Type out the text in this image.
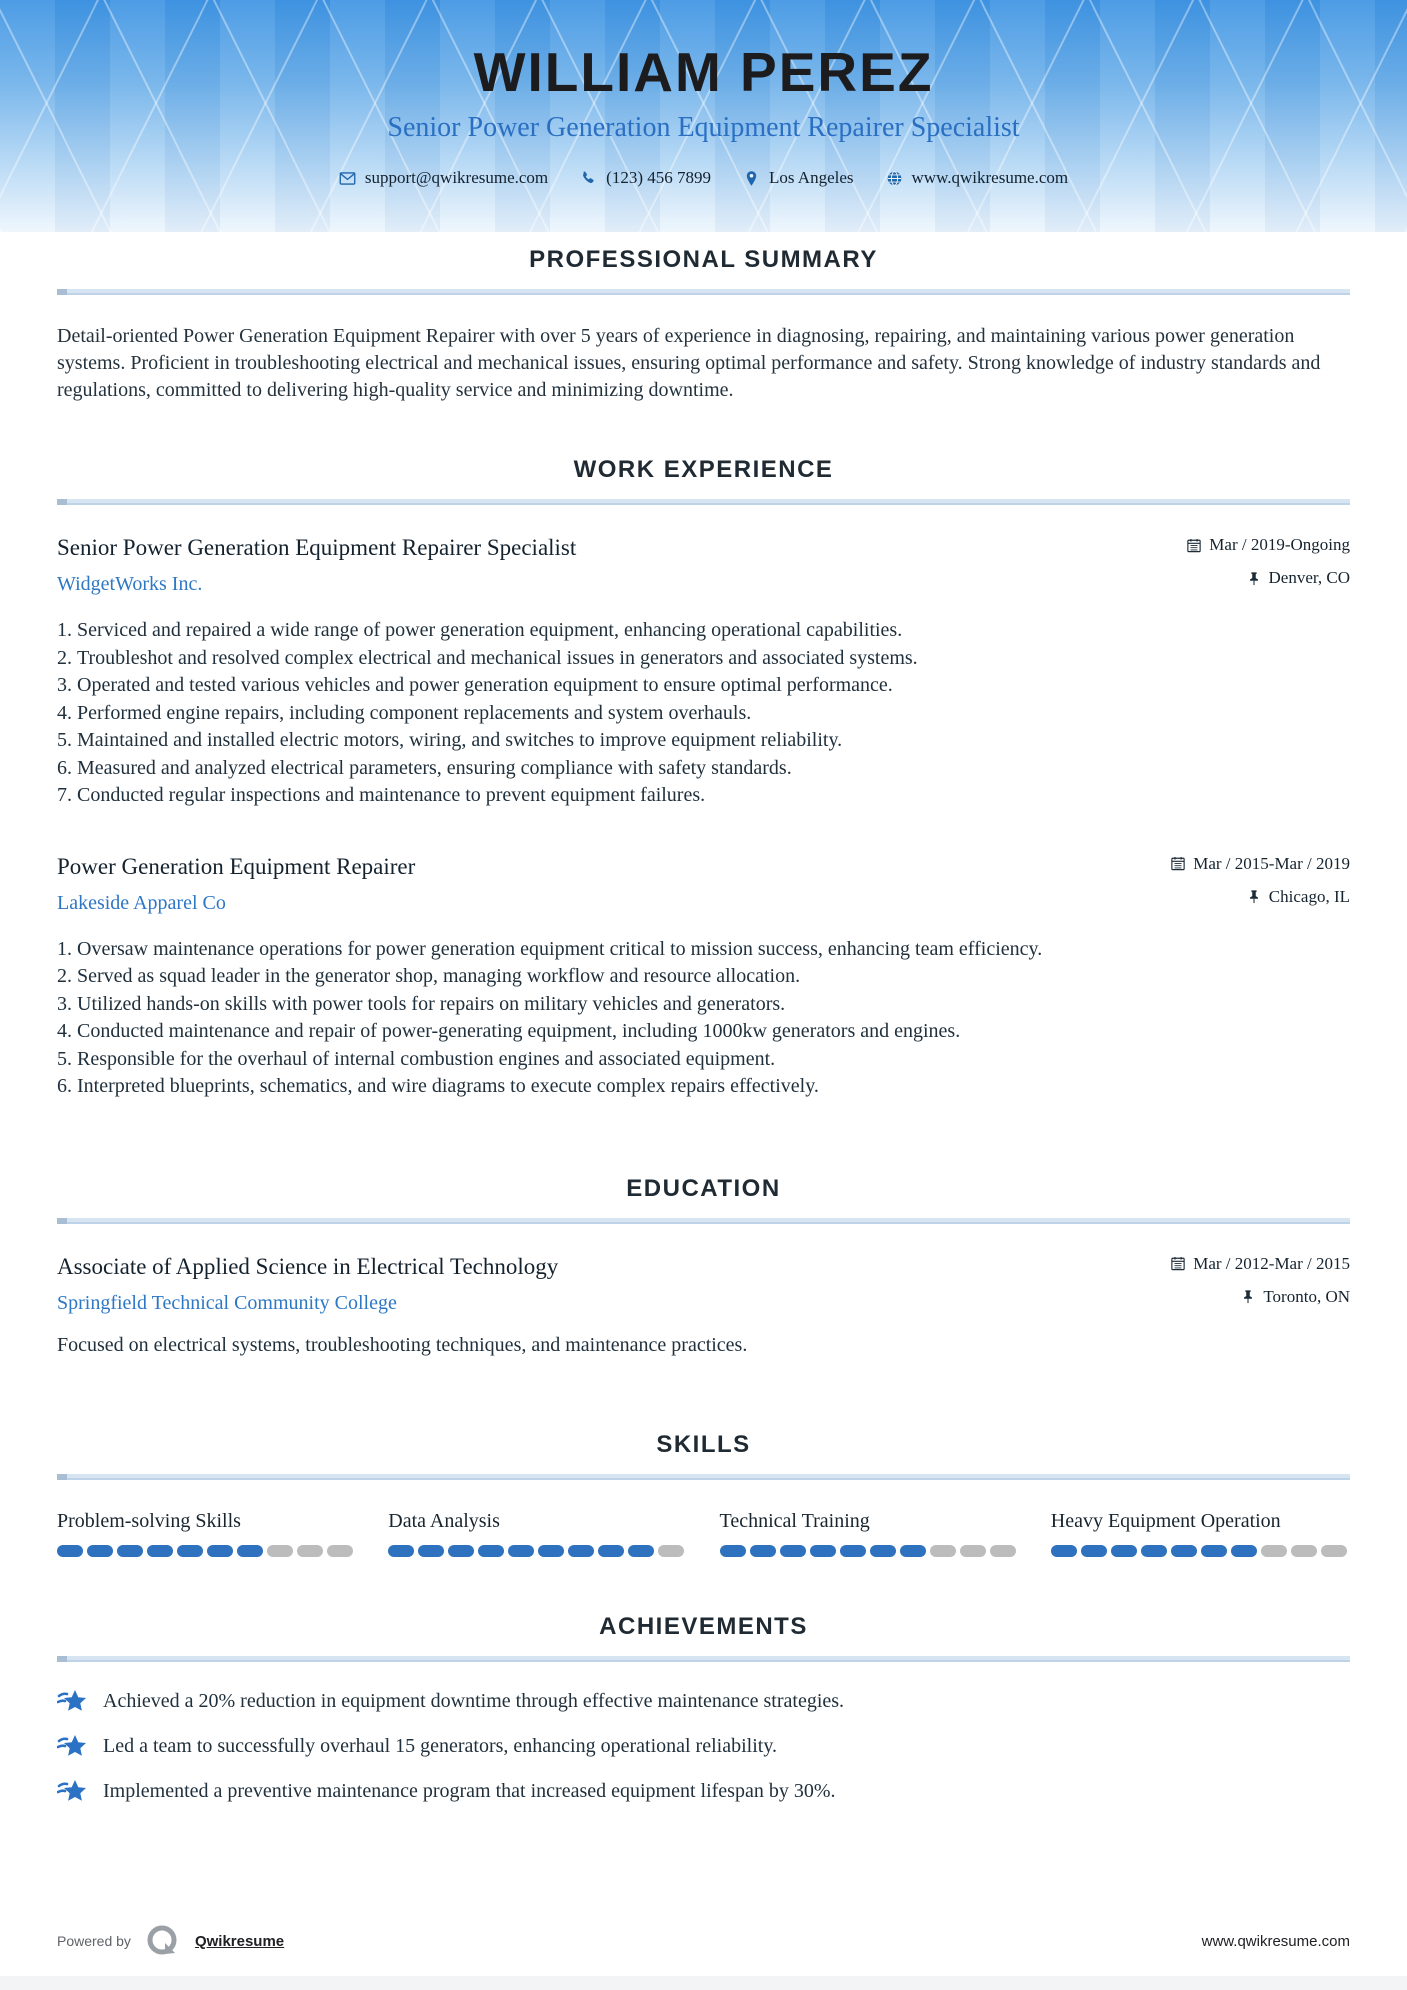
WILLIAM PEREZ
Senior Power Generation Equipment Repairer Specialist
support@qwikresume.com	(123) 456 7899	Los Angeles	www.qwikresume.com
PROFESSIONAL SUMMARY

Detail-oriented Power Generation Equipment Repairer with over 5 years of experience in diagnosing, repairing, and maintaining various power generation systems. Proficient in troubleshooting electrical and mechanical issues, ensuring optimal performance and safety. Strong knowledge of industry standards and regulations, committed to delivering high-quality service and minimizing downtime.

WORK EXPERIENCE
Senior Power Generation Equipment Repairer Specialist
WidgetWorks Inc.
Mar / 2019-Ongoing
Denver, CO
1. Serviced and repaired a wide range of power generation equipment, enhancing operational capabilities.
2. Troubleshot and resolved complex electrical and mechanical issues in generators and associated systems.
3. Operated and tested various vehicles and power generation equipment to ensure optimal performance.
4. Performed engine repairs, including component replacements and system overhauls.
5. Maintained and installed electric motors, wiring, and switches to improve equipment reliability.
6. Measured and analyzed electrical parameters, ensuring compliance with safety standards.
7. Conducted regular inspections and maintenance to prevent equipment failures.
Power Generation Equipment Repairer
Lakeside Apparel Co
Mar / 2015-Mar / 2019
Chicago, IL
1. Oversaw maintenance operations for power generation equipment critical to mission success, enhancing team efficiency.
2. Served as squad leader in the generator shop, managing workflow and resource allocation.
3. Utilized hands-on skills with power tools for repairs on military vehicles and generators.
4. Conducted maintenance and repair of power-generating equipment, including 1000kw generators and engines.
5. Responsible for the overhaul of internal combustion engines and associated equipment.
6. Interpreted blueprints, schematics, and wire diagrams to execute complex repairs effectively.
EDUCATION
Associate of Applied Science in Electrical Technology
Springfield Technical Community College
Mar / 2012-Mar / 2015
Toronto, ON
Focused on electrical systems, troubleshooting techniques, and maintenance practices.
SKILLS
Problem-solving Skills	Data Analysis	Technical Training	Heavy Equipment Operation
ACHIEVEMENTS
Achieved a 20% reduction in equipment downtime through effective maintenance strategies.
Led a team to successfully overhaul 15 generators, enhancing operational reliability.
Implemented a preventive maintenance program that increased equipment lifespan by 30%.
Powered by	Qwikresume	www.qwikresume.com
